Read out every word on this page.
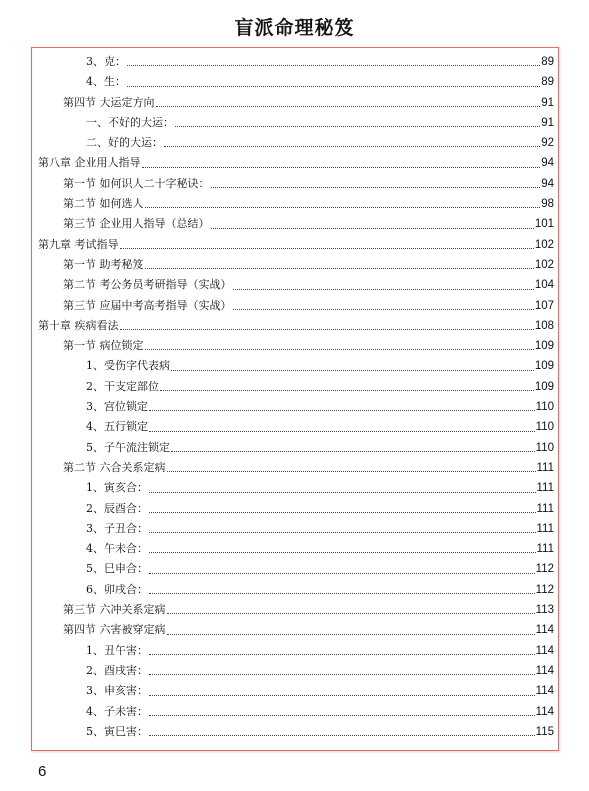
盲派命理秘笈
3、克：	89
4、生：	89
第四节 大运定方向	91
一、不好的大运：	91
二、好的大运：	92
第八章 企业用人指导	94
第一节 如何识人二十字秘诀：	94
第二节 如何选人	98
第三节 企业用人指导（总结）	101
第九章 考试指导	102
第一节 助考秘笈	102
第二节 考公务员考研指导（实战）	104
第三节 应届中考高考指导（实战）	107
第十章 疾病看法	108
第一节 病位锁定	109
1、受伤字代表病	109
2、干支定部位	109
3、宫位锁定	110
4、五行锁定	110
5、子午流注锁定	110
第二节 六合关系定病	111
1、寅亥合：	111
2、辰酉合：	111
3、子丑合：	111
4、午未合：	111
5、巳申合：	112
6、卯戌合：	112
第三节 六冲关系定病	113
第四节 六害被穿定病	114
1、丑午害：	114
2、酉戌害：	114
3、申亥害：	114
4、子未害：	114
5、寅巳害：	115
6
